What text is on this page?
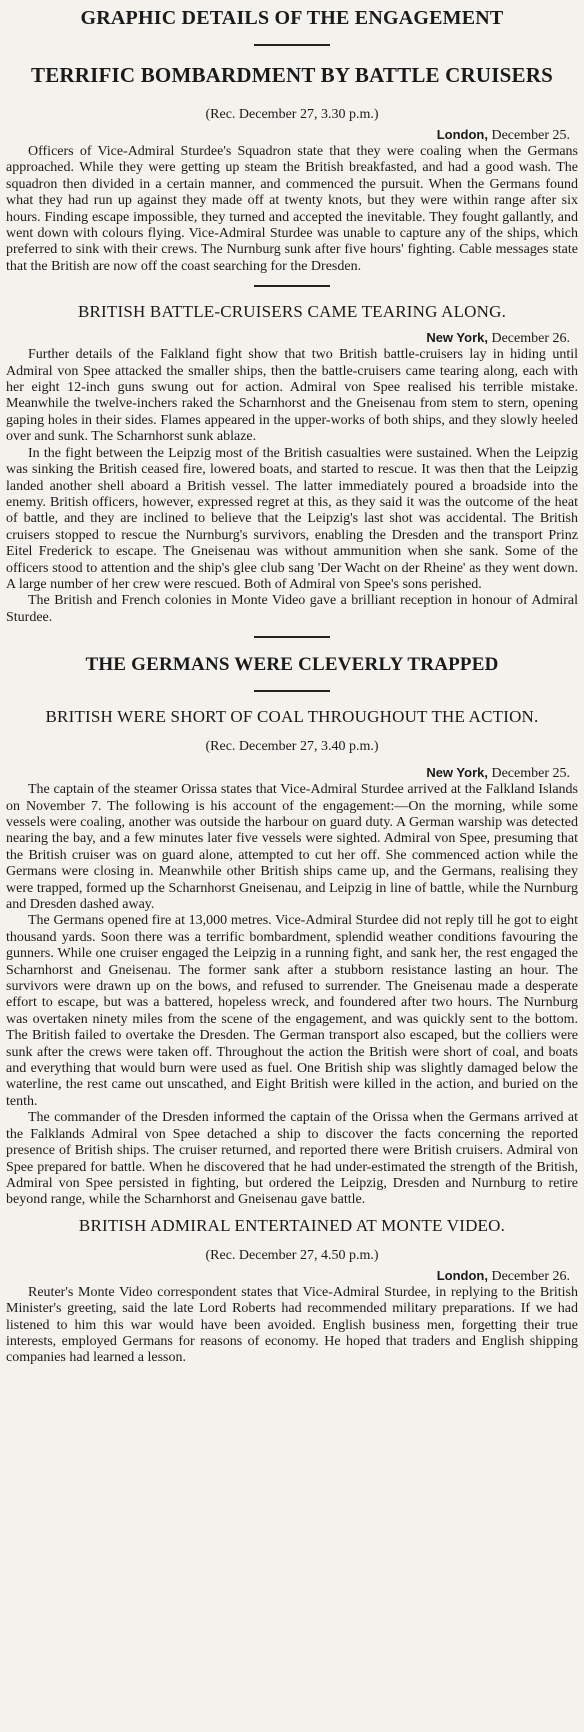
GRAPHIC DETAILS OF THE ENGAGEMENT
TERRIFIC BOMBARDMENT BY BATTLE CRUISERS
(Rec. December 27, 3.30 p.m.)
London, December 25.

Officers of Vice-Admiral Sturdee's Squadron state that they were coaling when the Germans approached. While they were getting up steam the British breakfasted, and had a good wash. The squadron then divided in a certain manner, and commenced the pursuit. When the Germans found what they had run up against they made off at twenty knots, but they were within range after six hours. Finding escape impossible, they turned and accepted the inevitable. They fought gallantly, and went down with colours flying. Vice-Admiral Sturdee was unable to capture any of the ships, which preferred to sink with their crews. The Nurnburg sunk after five hours' fighting. Cable messages state that the British are now off the coast searching for the Dresden.

BRITISH BATTLE-CRUISERS CAME TEARING ALONG.
New York, December 26.

Further details of the Falkland fight show that two British battle-cruisers lay in hiding until Admiral von Spee attacked the smaller ships, then the battle-cruisers came tearing along, each with her eight 12-inch guns swung out for action. Admiral von Spee realised his terrible mistake. Meanwhile the twelve-inchers raked the Scharnhorst and the Gneisenau from stem to stern, opening gaping holes in their sides. Flames appeared in the upper-works of both ships, and they slowly heeled over and sunk. The Scharnhorst sunk ablaze.

In the fight between the Leipzig most of the British casualties were sustained. When the Leipzig was sinking the British ceased fire, lowered boats, and started to rescue. It was then that the Leipzig landed another shell aboard a British vessel. The latter immediately poured a broadside into the enemy. British officers, however, expressed regret at this, as they said it was the outcome of the heat of battle, and they are inclined to believe that the Leipzig's last shot was accidental. The British cruisers stopped to rescue the Nurnburg's survivors, enabling the Dresden and the transport Prinz Eitel Frederick to escape. The Gneisenau was without ammunition when she sank. Some of the officers stood to attention and the ship's glee club sang 'Der Wacht on der Rheine' as they went down. A large number of her crew were rescued. Both of Admiral von Spee's sons perished.

The British and French colonies in Monte Video gave a brilliant reception in honour of Admiral Sturdee.

THE GERMANS WERE CLEVERLY TRAPPED
BRITISH WERE SHORT OF COAL THROUGHOUT THE ACTION.
(Rec. December 27, 3.40 p.m.)
New York, December 25.

The captain of the steamer Orissa states that Vice-Admiral Sturdee arrived at the Falkland Islands on November 7. The following is his account of the engagement:—On the morning, while some vessels were coaling, another was outside the harbour on guard duty. A German warship was detected nearing the bay, and a few minutes later five vessels were sighted. Admiral von Spee, presuming that the British cruiser was on guard alone, attempted to cut her off. She commenced action while the Germans were closing in. Meanwhile other British ships came up, and the Germans, realising they were trapped, formed up the Scharnhorst Gneisenau, and Leipzig in line of battle, while the Nurnburg and Dresden dashed away.

The Germans opened fire at 13,000 metres. Vice-Admiral Sturdee did not reply till he got to eight thousand yards. Soon there was a terrific bombardment, splendid weather conditions favouring the gunners. While one cruiser engaged the Leipzig in a running fight, and sank her, the rest engaged the Scharnhorst and Gneisenau. The former sank after a stubborn resistance lasting an hour. The survivors were drawn up on the bows, and refused to surrender. The Gneisenau made a desperate effort to escape, but was a battered, hopeless wreck, and foundered after two hours. The Nurnburg was overtaken ninety miles from the scene of the engagement, and was quickly sent to the bottom. The British failed to overtake the Dresden. The German transport also escaped, but the colliers were sunk after the crews were taken off. Throughout the action the British were short of coal, and boats and everything that would burn were used as fuel. One British ship was slightly damaged below the waterline, the rest came out unscathed, and Eight British were killed in the action, and buried on the tenth.

The commander of the Dresden informed the captain of the Orissa when the Germans arrived at the Falklands Admiral von Spee detached a ship to discover the facts concerning the reported presence of British ships. The cruiser returned, and reported there were British cruisers. Admiral von Spee prepared for battle. When he discovered that he had under-estimated the strength of the British, Admiral von Spee persisted in fighting, but ordered the Leipzig, Dresden and Nurnburg to retire beyond range, while the Scharnhorst and Gneisenau gave battle.

BRITISH ADMIRAL ENTERTAINED AT MONTE VIDEO.
(Rec. December 27, 4.50 p.m.)
London, December 26.

Reuter's Monte Video correspondent states that Vice-Admiral Sturdee, in replying to the British Minister's greeting, said the late Lord Roberts had recommended military preparations. If we had listened to him this war would have been avoided. English business men, forgetting their true interests, employed Germans for reasons of economy. He hoped that traders and English shipping companies had learned a lesson.
